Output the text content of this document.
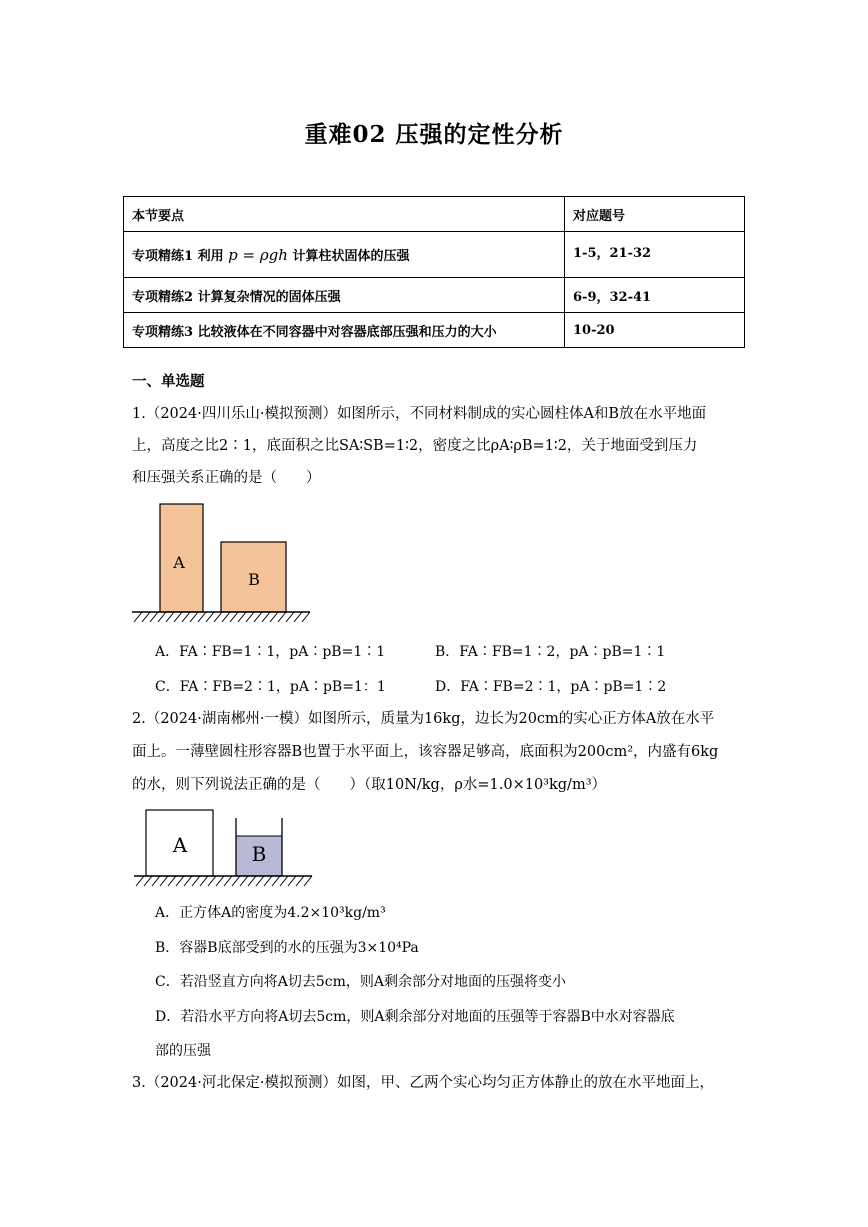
重难02 压强的定性分析
本节要点	对应题号
专项精练1 利用 p = ρgh 计算柱状固体的压强	1-5，21-32
专项精练2 计算复杂情况的固体压强	6-9，32-41
专项精练3 比较液体在不同容器中对容器底部压强和压力的大小	10-20
一、单选题
1.（2024·四川乐山·模拟预测）如图所示，不同材料制成的实心圆柱体A和B放在水平地面
上，高度之比2∶1，底面积之比SA∶SB=1∶2，密度之比ρA∶ρB=1∶2，关于地面受到压力
和压强关系正确的是（　　）
A
B
A．FA∶FB=1∶1，pA∶pB=1∶1	B．FA∶FB=1∶2，pA∶pB=1∶1
C．FA∶FB=2∶1，pA∶pB=1：1	D．FA∶FB=2∶1，pA∶pB=1∶2
2.（2024·湖南郴州·一模）如图所示，质量为16kg，边长为20cm的实心正方体A放在水平
面上。一薄壁圆柱形容器B也置于水平面上，该容器足够高，底面积为200cm²，内盛有6kg
的水，则下列说法正确的是（　　）（取10N/kg，ρ水=1.0×10³kg/m³）
A	B
A．正方体A的密度为4.2×10³kg/m³
B．容器B底部受到的水的压强为3×10⁴Pa
C．若沿竖直方向将A切去5cm，则A剩余部分对地面的压强将变小
D．若沿水平方向将A切去5cm，则A剩余部分对地面的压强等于容器B中水对容器底
部的压强
3.（2024·河北保定·模拟预测）如图，甲、乙两个实心均匀正方体静止的放在水平地面上，
